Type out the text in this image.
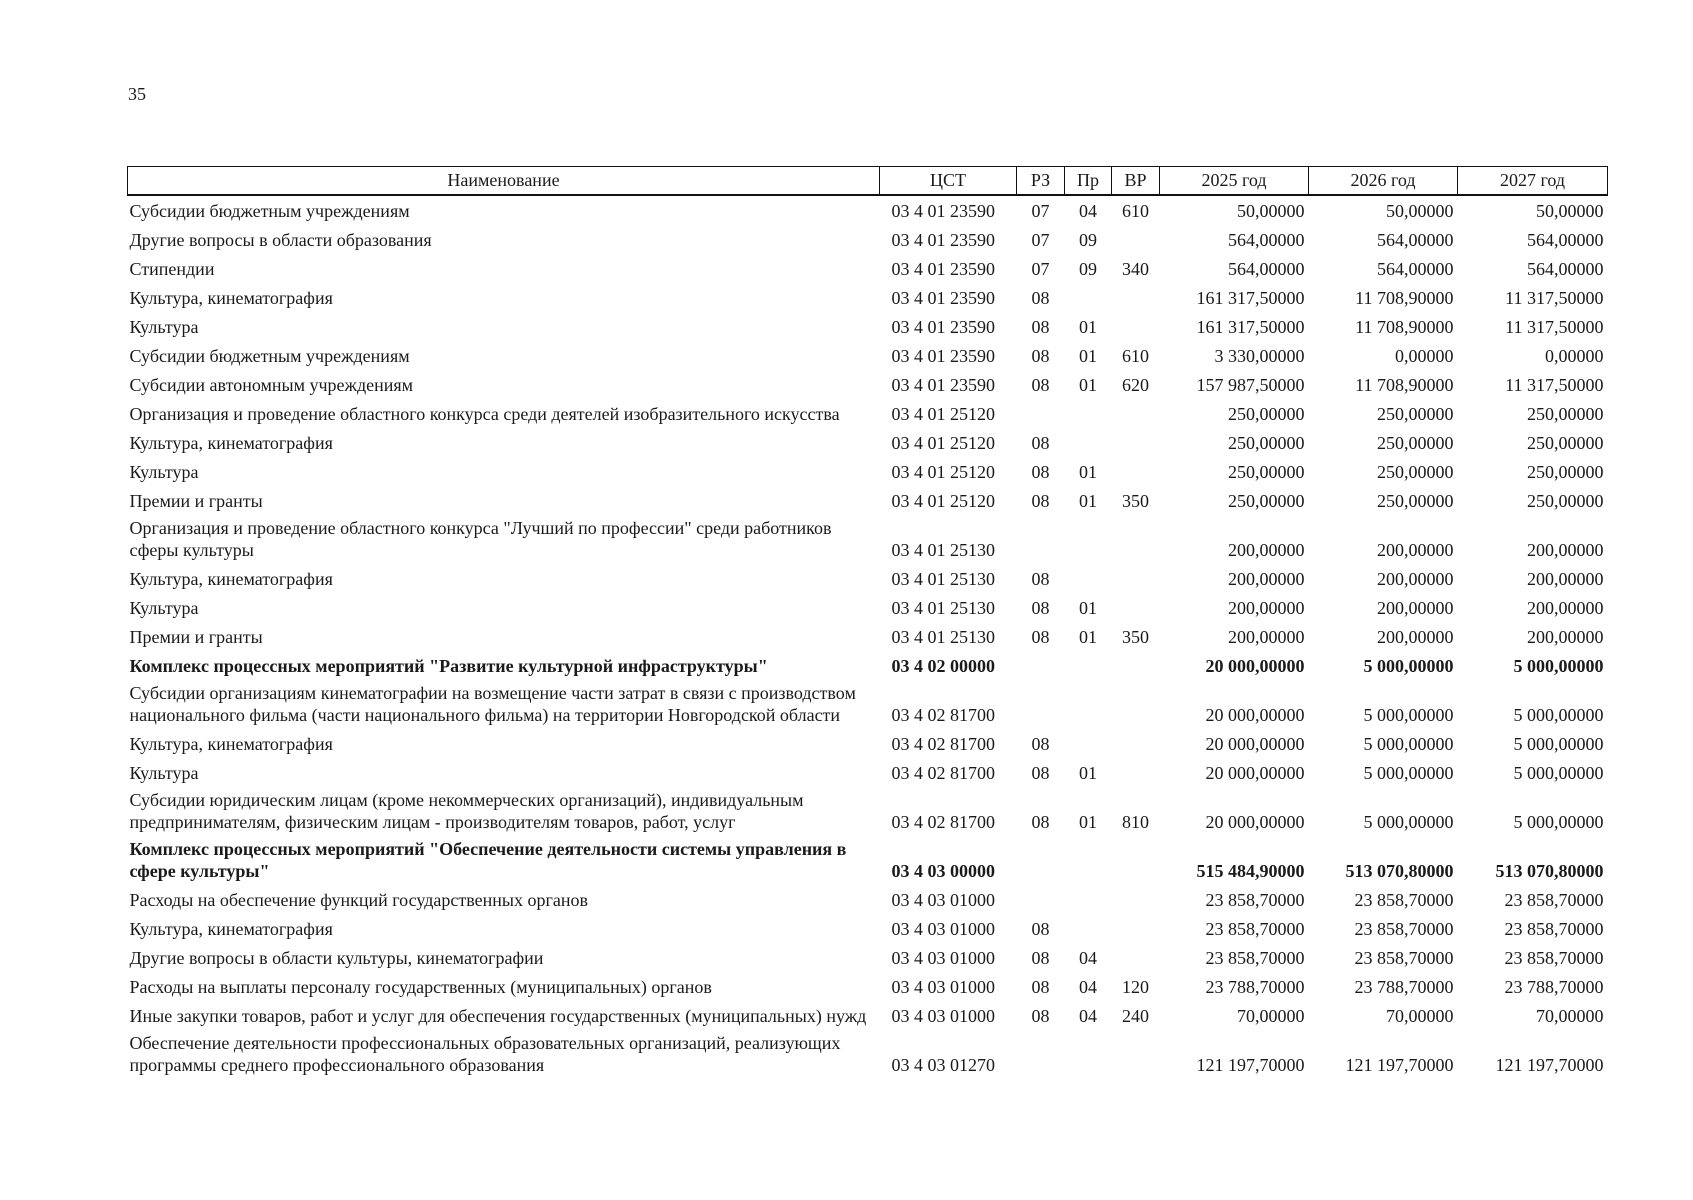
35
Наименование	ЦСТ	РЗ	Пр	ВР	2025 год	2026 год	2027 год
Субсидии бюджетным учреждениям	03 4 01 23590	07	04	610	50,00000	50,00000	50,00000
Другие вопросы в области образования	03 4 01 23590	07	09		564,00000	564,00000	564,00000
Стипендии	03 4 01 23590	07	09	340	564,00000	564,00000	564,00000
Культура, кинематография	03 4 01 23590	08			161 317,50000	11 708,90000	11 317,50000
Культура	03 4 01 23590	08	01		161 317,50000	11 708,90000	11 317,50000
Субсидии бюджетным учреждениям	03 4 01 23590	08	01	610	3 330,00000	0,00000	0,00000
Субсидии автономным учреждениям	03 4 01 23590	08	01	620	157 987,50000	11 708,90000	11 317,50000
Организация и проведение областного конкурса среди деятелей изобразительного искусства	03 4 01 25120				250,00000	250,00000	250,00000
Культура, кинематография	03 4 01 25120	08			250,00000	250,00000	250,00000
Культура	03 4 01 25120	08	01		250,00000	250,00000	250,00000
Премии и гранты	03 4 01 25120	08	01	350	250,00000	250,00000	250,00000
Организация и проведение областного конкурса "Лучший по профессии" среди работников сферы культуры	03 4 01 25130				200,00000	200,00000	200,00000
Культура, кинематография	03 4 01 25130	08			200,00000	200,00000	200,00000
Культура	03 4 01 25130	08	01		200,00000	200,00000	200,00000
Премии и гранты	03 4 01 25130	08	01	350	200,00000	200,00000	200,00000
Комплекс процессных мероприятий "Развитие культурной инфраструктуры"	03 4 02 00000				20 000,00000	5 000,00000	5 000,00000
Субсидии организациям кинематографии на возмещение части затрат в связи с производством национального фильма (части национального фильма) на территории Новгородской области	03 4 02 81700				20 000,00000	5 000,00000	5 000,00000
Культура, кинематография	03 4 02 81700	08			20 000,00000	5 000,00000	5 000,00000
Культура	03 4 02 81700	08	01		20 000,00000	5 000,00000	5 000,00000
Субсидии юридическим лицам (кроме некоммерческих организаций), индивидуальным предпринимателям, физическим лицам - производителям товаров, работ, услуг	03 4 02 81700	08	01	810	20 000,00000	5 000,00000	5 000,00000
Комплекс процессных мероприятий "Обеспечение деятельности системы управления в сфере культуры"	03 4 03 00000				515 484,90000	513 070,80000	513 070,80000
Расходы на обеспечение функций государственных органов	03 4 03 01000				23 858,70000	23 858,70000	23 858,70000
Культура, кинематография	03 4 03 01000	08			23 858,70000	23 858,70000	23 858,70000
Другие вопросы в области культуры, кинематографии	03 4 03 01000	08	04		23 858,70000	23 858,70000	23 858,70000
Расходы на выплаты персоналу государственных (муниципальных) органов	03 4 03 01000	08	04	120	23 788,70000	23 788,70000	23 788,70000
Иные закупки товаров, работ и услуг для обеспечения государственных (муниципальных) нужд	03 4 03 01000	08	04	240	70,00000	70,00000	70,00000
Обеспечение деятельности профессиональных образовательных организаций, реализующих программы среднего профессионального образования	03 4 03 01270				121 197,70000	121 197,70000	121 197,70000
